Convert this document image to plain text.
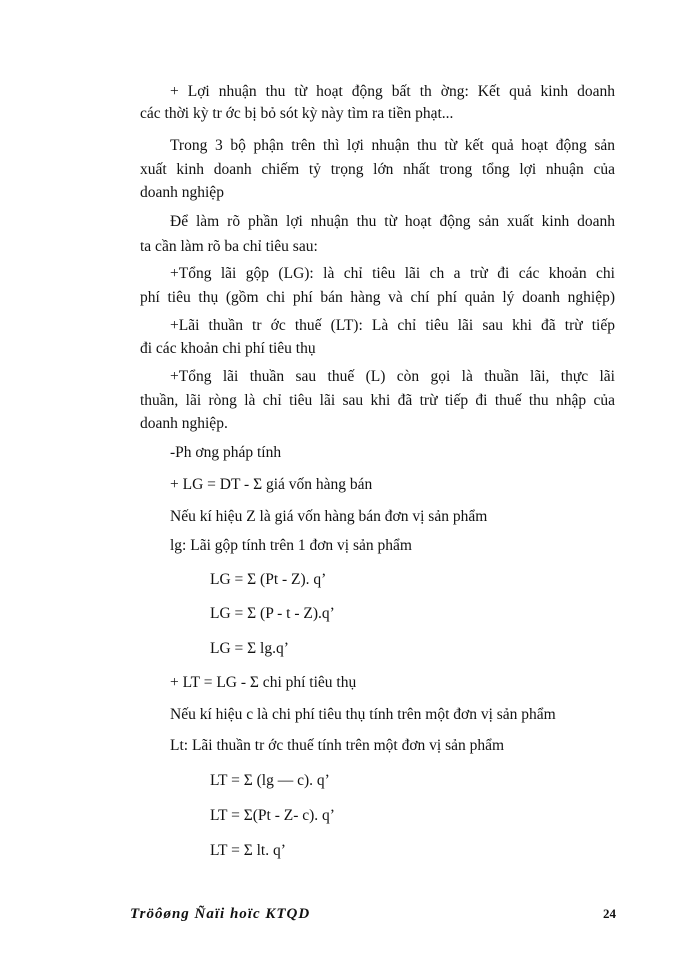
+ Lợi nhuận thu từ hoạt động bất th ờng: Kết quả kinh doanh
các thời kỳ tr ớc bị bỏ sót kỳ này tìm ra tiền phạt...
Trong 3 bộ phận trên thì lợi nhuận thu từ kết quả hoạt động sản
xuất kinh doanh chiếm tỷ trọng lớn nhất trong tổng lợi nhuận của
doanh nghiệp
Để làm rõ phần lợi nhuận thu từ hoạt động sản xuất kinh doanh
ta cần làm rõ ba chỉ tiêu sau:
+Tổng lãi gộp (LG): là chỉ tiêu lãi ch a trừ đi các khoản chi
phí tiêu thụ (gồm chi phí bán hàng và chí phí quản lý doanh nghiệp)
+Lãi thuần tr ớc thuế (LT): Là chỉ tiêu lãi sau khi đã trừ tiếp
đi các khoản chi phí tiêu thụ
+Tổng lãi thuần sau thuế (L) còn gọi là thuần lãi, thực lãi
thuần, lãi ròng là chỉ tiêu lãi sau khi đã trừ tiếp đi thuế thu nhập của
doanh nghiệp.
-Ph ơng pháp tính
+ LG = DT - Σ giá vốn hàng bán
Nếu kí hiệu Z là giá vốn hàng bán đơn vị sản phẩm
lg: Lãi gộp tính trên 1 đơn vị sản phẩm
LG = Σ (Pt - Z). q’
LG = Σ (P - t - Z).q’
LG = Σ lg.q’
+ LT = LG - Σ chi phí tiêu thụ
Nếu kí hiệu c là chi phí tiêu thụ tính trên một đơn vị sản phẩm
Lt: Lãi thuần tr ớc thuế tính trên một đơn vị sản phẩm
LT = Σ (lg — c). q’
LT = Σ(Pt - Z- c). q’
LT = Σ lt. q’
Tröôøng Ñaïi hoïc KTQD	24
